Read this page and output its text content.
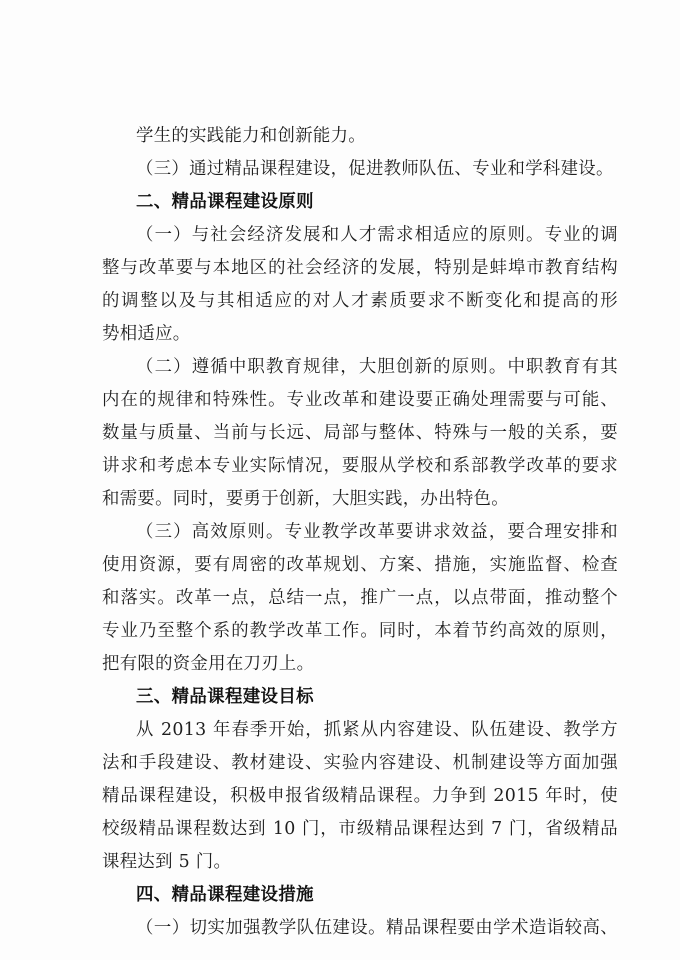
学生的实践能力和创新能力。
（三）通过精品课程建设，促进教师队伍、专业和学科建设。
二、精品课程建设原则
（一）与社会经济发展和人才需求相适应的原则。专业的调
整与改革要与本地区的社会经济的发展，特别是蚌埠市教育结构
的调整以及与其相适应的对人才素质要求不断变化和提高的形
势相适应。
（二）遵循中职教育规律，大胆创新的原则。中职教育有其
内在的规律和特殊性。专业改革和建设要正确处理需要与可能、
数量与质量、当前与长远、局部与整体、特殊与一般的关系，要
讲求和考虑本专业实际情况，要服从学校和系部教学改革的要求
和需要。同时，要勇于创新，大胆实践，办出特色。
（三）高效原则。专业教学改革要讲求效益，要合理安排和
使用资源，要有周密的改革规划、方案、措施，实施监督、检查
和落实。改革一点，总结一点，推广一点，以点带面，推动整个
专业乃至整个系的教学改革工作。同时，本着节约高效的原则，
把有限的资金用在刀刃上。
三、精品课程建设目标
从 2013 年春季开始，抓紧从内容建设、队伍建设、教学方
法和手段建设、教材建设、实验内容建设、机制建设等方面加强
精品课程建设，积极申报省级精品课程。力争到 2015 年时，使
校级精品课程数达到 10 门，市级精品课程达到 7 门，省级精品
课程达到 5 门。
四、精品课程建设措施
（一）切实加强教学队伍建设。精品课程要由学术造诣较高、
